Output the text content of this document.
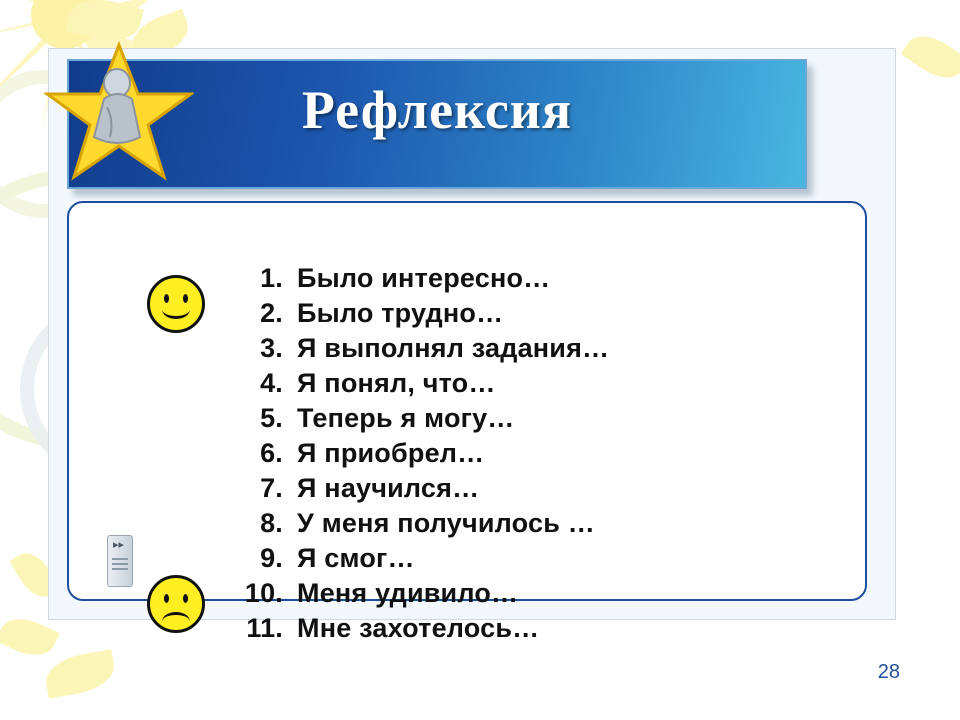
Рефлексия
1. Было интересно…
2. Было трудно…
3. Я выполнял задания…
4. Я понял, что…
5. Теперь я могу…
6. Я приобрел…
7. Я научился…
8. У меня получилось …
9. Я смог…
10. Меня удивило…
11. Мне захотелось…
▸▸
28
